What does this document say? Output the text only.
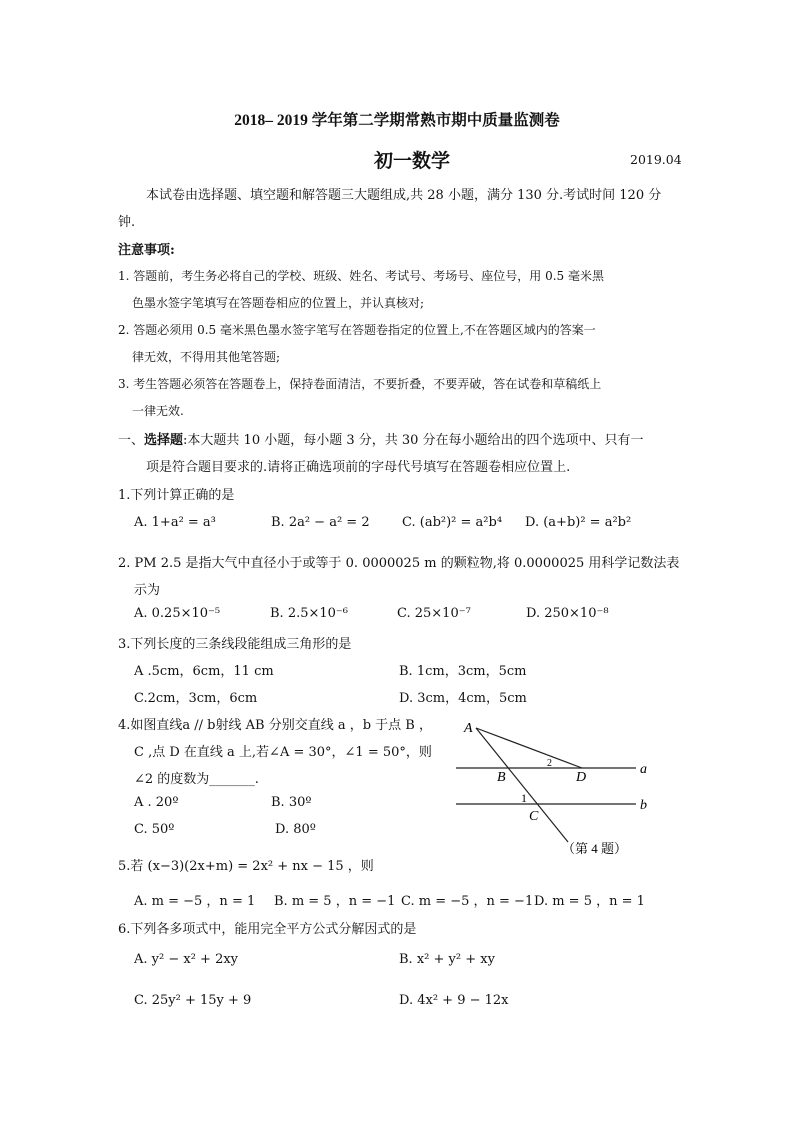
2018– 2019 学年第二学期常熟市期中质量监测卷
初一数学	2019.04
本试卷由选择题、填空题和解答题三大题组成,共 28 小题，满分 130 分.考试时间 120 分
钟.
注意事项:
1. 答题前，考生务必将自己的学校、班级、姓名、考试号、考场号、座位号，用 0.5 毫米黑
色墨水签字笔填写在答题卷相应的位置上，并认真核对;
2. 答题必须用 0.5 毫米黑色墨水签字笔写在答题卷指定的位置上,不在答题区域内的答案一
律无效，不得用其他笔答题;
3. 考生答题必须答在答题卷上，保持卷面清洁，不要折叠，不要弄破，答在试卷和草稿纸上
一律无效.
一、选择题:本大题共 10 小题，每小题 3 分，共 30 分在每小题给出的四个选项中、只有一
项是符合题目要求的.请将正确选项前的字母代号填写在答题卷相应位置上.
1.下列计算正确的是
A. 1+a² = a³	B. 2a² − a² = 2 C. (ab²)² = a²b⁴ D. (a+b)² = a²b²
2. PM 2.5 是指大气中直径小于或等于 0. 0000025 m 的颗粒物,将 0.0000025 用科学记数法表
示为
A. 0.25×10⁻⁵	B. 2.5×10⁻⁶	C. 25×10⁻⁷	D. 250×10⁻⁸
3.下列长度的三条线段能组成三角形的是
A .5cm，6cm，11 cm	B. 1cm，3cm，5cm
C.2cm，3cm，6cm	D. 3cm，4cm，5cm
4.如图直线a // b射线 AB 分别交直线 a ，b 于点 B ，
C ,点 D 在直线 a 上,若∠A = 30°，∠1 = 50°，则
∠2 的度数为_______.
A . 20º	B. 30º
C. 50º	D. 80º
A
B
C
D
a
b
1
2
（第 4 题）
5.若 (x−3)(2x+m) = 2x² + nx − 15 ，则
A. m = −5 ，n = 1 B. m = 5 ，n = −1 C. m = −5 ，n = −1 D. m = 5 ，n = 1
6.下列各多项式中，能用完全平方公式分解因式的是
A. y² − x² + 2xy	B. x² + y² + xy
C. 25y² + 15y + 9	D. 4x² + 9 − 12x
